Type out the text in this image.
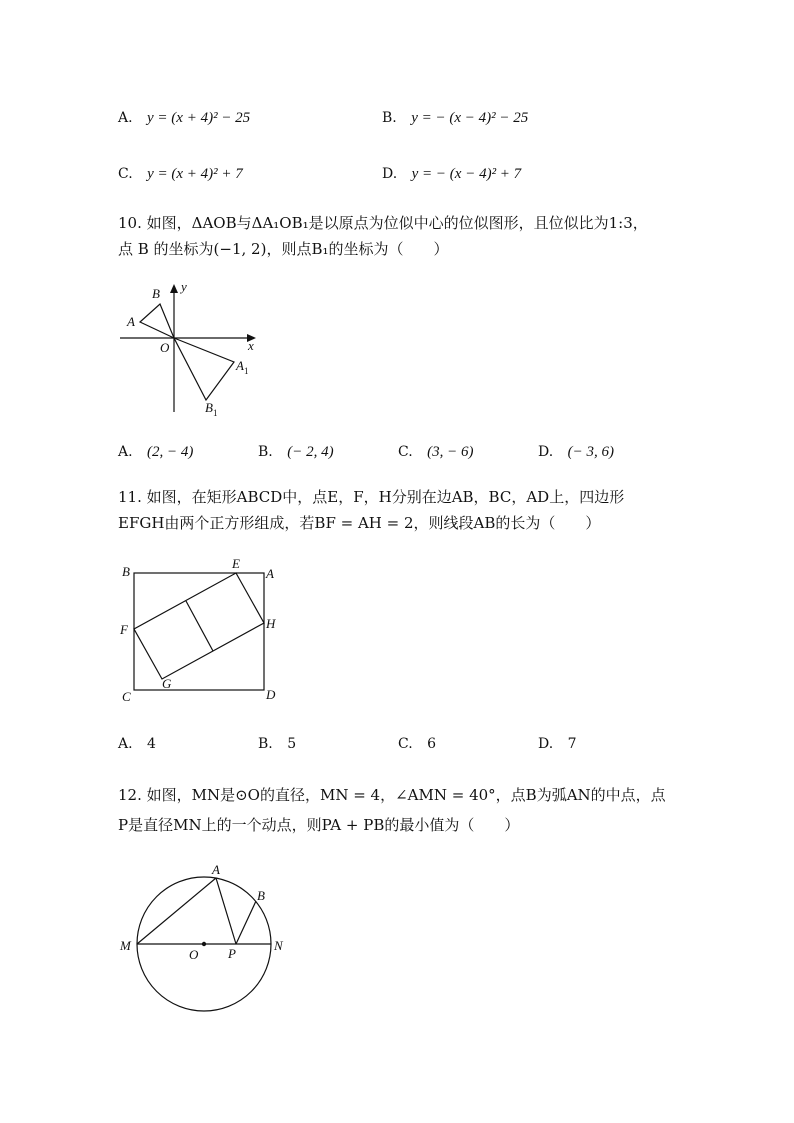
A. y = (x + 4)² − 25	B. y = − (x − 4)² − 25
C. y = (x + 4)² + 7	D. y = − (x − 4)² + 7
10. 如图，ΔAOB与ΔA₁OB₁是以原点为位似中心的位似图形，且位似比为1:3，
点 B 的坐标为(−1, 2)，则点B₁的坐标为（　　）
B
A
y
O	x
$A_1$
$B_1$
A. (2, − 4)	B. (− 2, 4)	C. (3, − 6)	D. (− 3, 6)
11. 如图，在矩形ABCD中，点E，F，H分别在边AB，BC，AD上，四边形
EFGH由两个正方形组成，若BF = AH = 2，则线段AB的长为（　　）
B
E
A
F	H
C
G
D
A. 4	B. 5	C. 6	D. 7
12. 如图，MN是⊙O的直径，MN = 4，∠AMN = 40°，点B为弧AN的中点，点
P是直径MN上的一个动点，则PA + PB的最小值为（　　）
A
B
M
O P
N
